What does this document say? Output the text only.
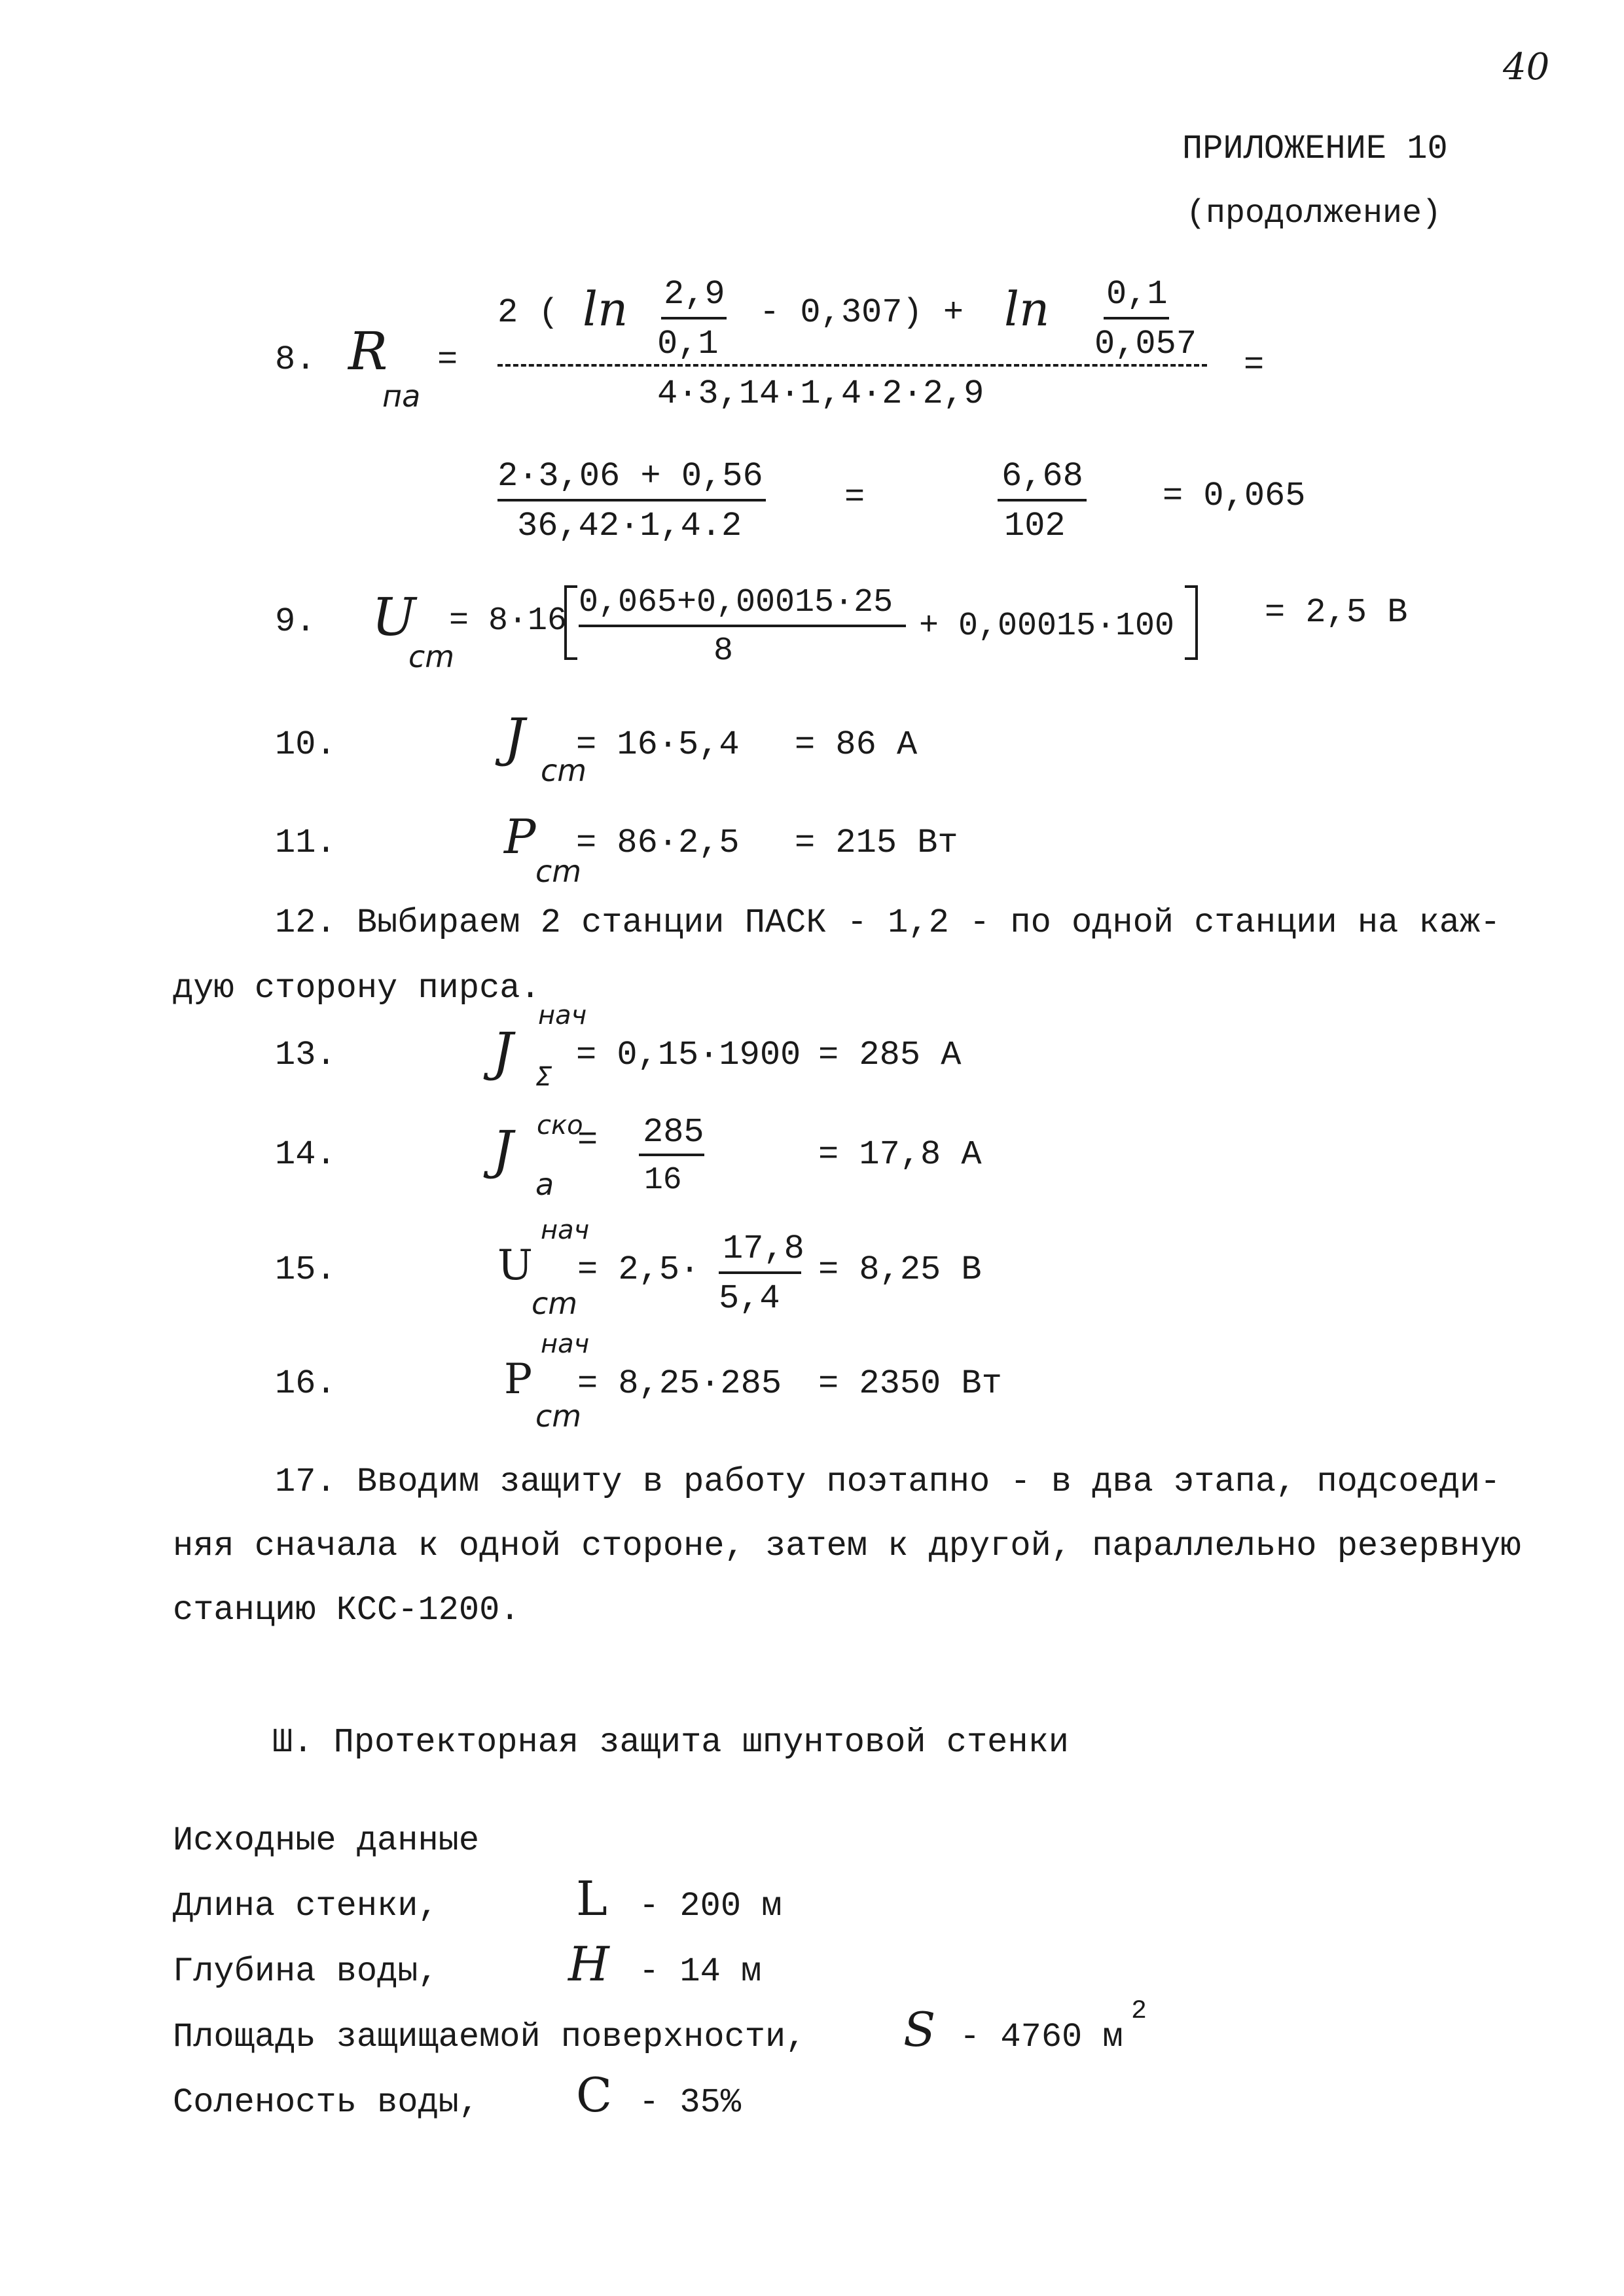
40
ПРИЛОЖЕНИЕ 10
(продолжение)
8. R
па
=
2 ( ln 2,9
0,1
- 0,307) + ln 0,1
0,057
4·3,14·1,4·2·2,9
=
2·3,06 + 0,56
36,42·1,4.2
=
6,68
102
= 0,065
9. U
cm
= 8·16 0,065+0,00015·25
8
+ 0,00015·100	= 2,5 В
10.	J
cm
= 16·5,4 = 86 А
11.	P
cm
= 86·2,5 = 215 Вт
12. Выбираем 2 станции ПАСК - 1,2 - по одной станции на каж-
дую сторону пирса.
13.	J
нач
Σ
= 0,15·1900 = 285 А
14.	J ско
a
= 285
16
= 17,8 А
15.	U
нач
cm
= 2,5·
17,8
5,4
= 8,25 В
16.	P
нач
cm
= 8,25·285 = 2350 Вт
17. Вводим защиту в работу поэтапно - в два этапа, подсоеди-
няя сначала к одной стороне, затем к другой, параллельно резервную
станцию КСС-1200.
Ш. Протекторная защита шпунтовой стенки
Исходные данные
Длина стенки,	L - 200 м
Глубина воды,	H - 14 м
Площадь защищаемой поверхности, S - 4760 м
2
Соленость воды, C - 35%
